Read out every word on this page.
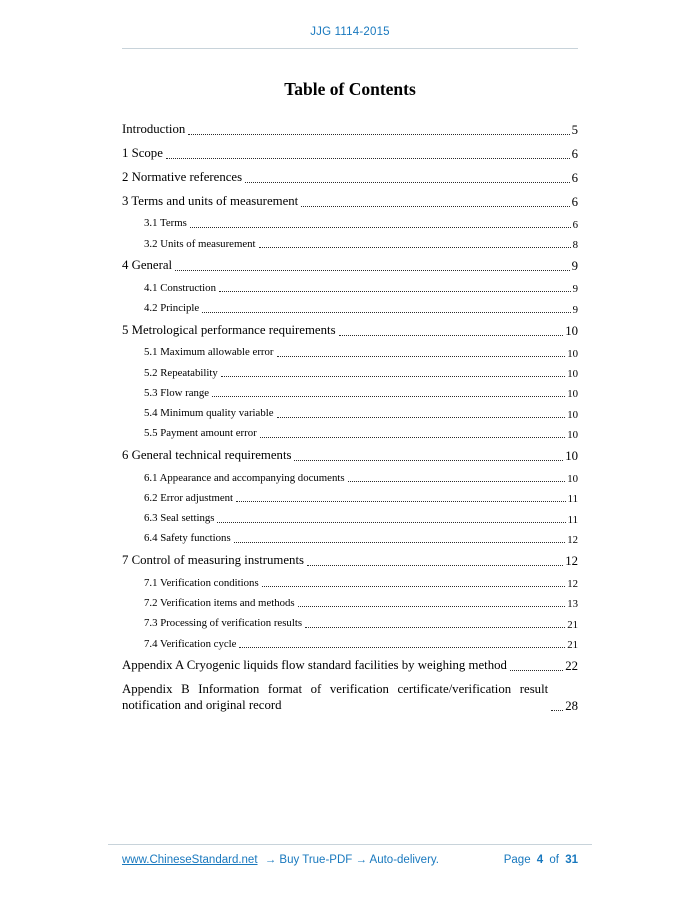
JJG 1114-2015
Table of Contents
Introduction	5
1 Scope	6
2 Normative references	6
3 Terms and units of measurement	6
3.1 Terms	6
3.2 Units of measurement	8
4 General	9
4.1 Construction	9
4.2 Principle	9
5 Metrological performance requirements	10
5.1 Maximum allowable error	10
5.2 Repeatability	10
5.3 Flow range	10
5.4 Minimum quality variable	10
5.5 Payment amount error	10
6 General technical requirements	10
6.1 Appearance and accompanying documents	10
6.2 Error adjustment	11
6.3 Seal settings	11
6.4 Safety functions	12
7 Control of measuring instruments	12
7.1 Verification conditions	12
7.2 Verification items and methods	13
7.3 Processing of verification results	21
7.4 Verification cycle	21
Appendix A Cryogenic liquids flow standard facilities by weighing method	22
Appendix B Information format of verification certificate/verification result notification and original record	28
www.ChineseStandard.net → Buy True-PDF → Auto-delivery.	Page 4 of 31
